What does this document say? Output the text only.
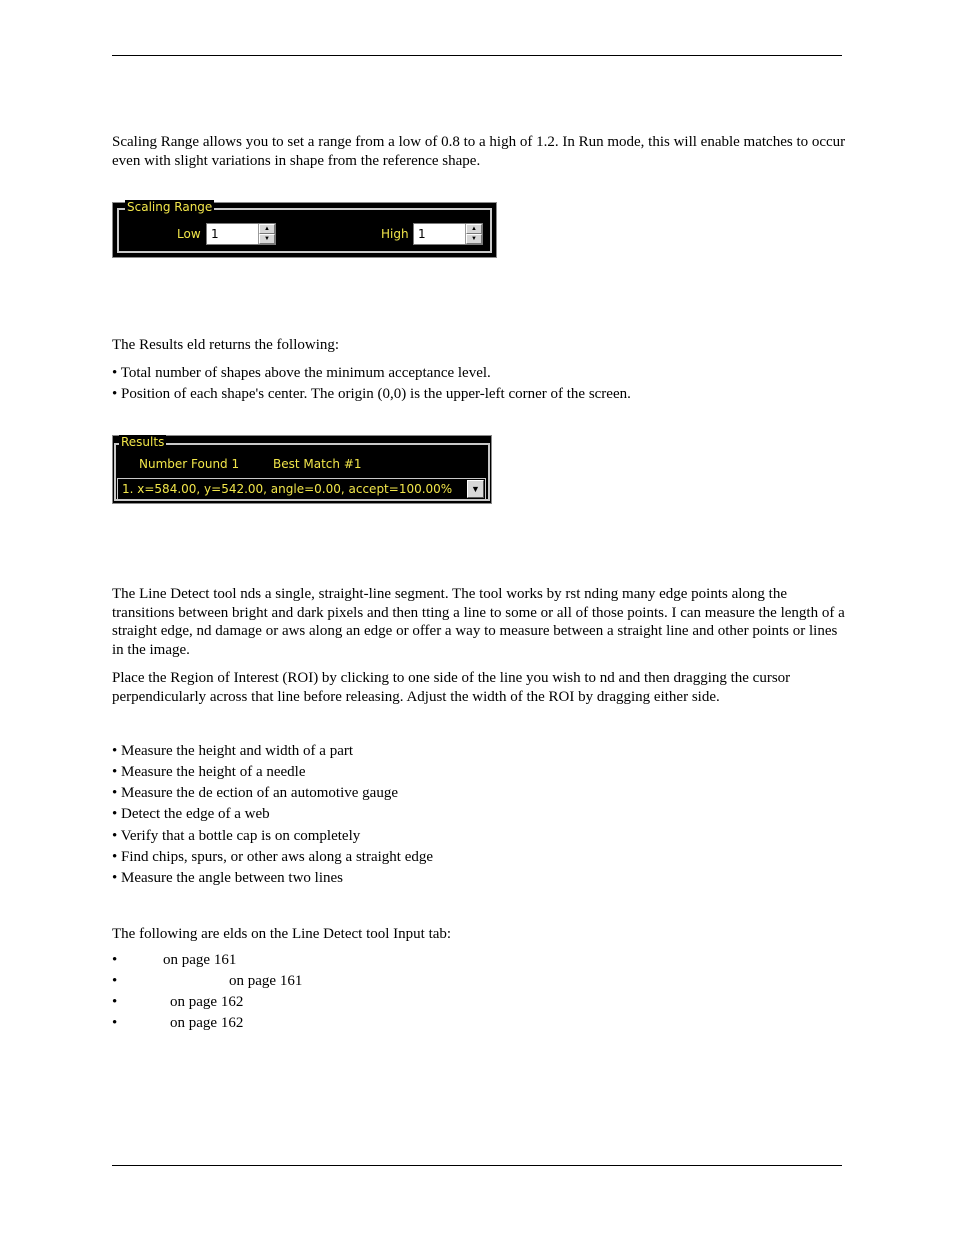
Scaling Range allows you to set a range from a low of 0.8 to a high of 1.2. In Run mode, this will enable matches to occur even with slight variations in shape from the reference shape.

Scaling Range
Low
1	▲
▼	High
1	▲
▼
The Results eld returns the following:
• Total number of shapes above the minimum acceptance level.
• Position of each shape's center. The origin (0,0) is the upper-left corner of the screen.
Results
Number Found 1	Best Match #1
1. x=584.00, y=542.00, angle=0.00, accept=100.00%	▼

The Line Detect tool nds a single, straight-line segment. The tool works by rst nding many edge points along the transitions between bright and dark pixels and then tting a line to some or all of those points. I can measure the length of a straight edge, nd damage or aws along an edge or offer a way to measure between a straight line and other points or lines in the image.

Place the Region of Interest (ROI) by clicking to one side of the line you wish to nd and then dragging the cursor perpendicularly across that line before releasing. Adjust the width of the ROI by dragging either side.

• Measure the height and width of a part
• Measure the height of a needle
• Measure the de ection of an automotive gauge
• Detect the edge of a web
• Verify that a bottle cap is on completely
• Find chips, spurs, or other aws along a straight edge
• Measure the angle between two lines
The following are elds on the Line Detect tool Input tab:
•	on page 161
•	on page 161
•	on page 162
•	on page 162
